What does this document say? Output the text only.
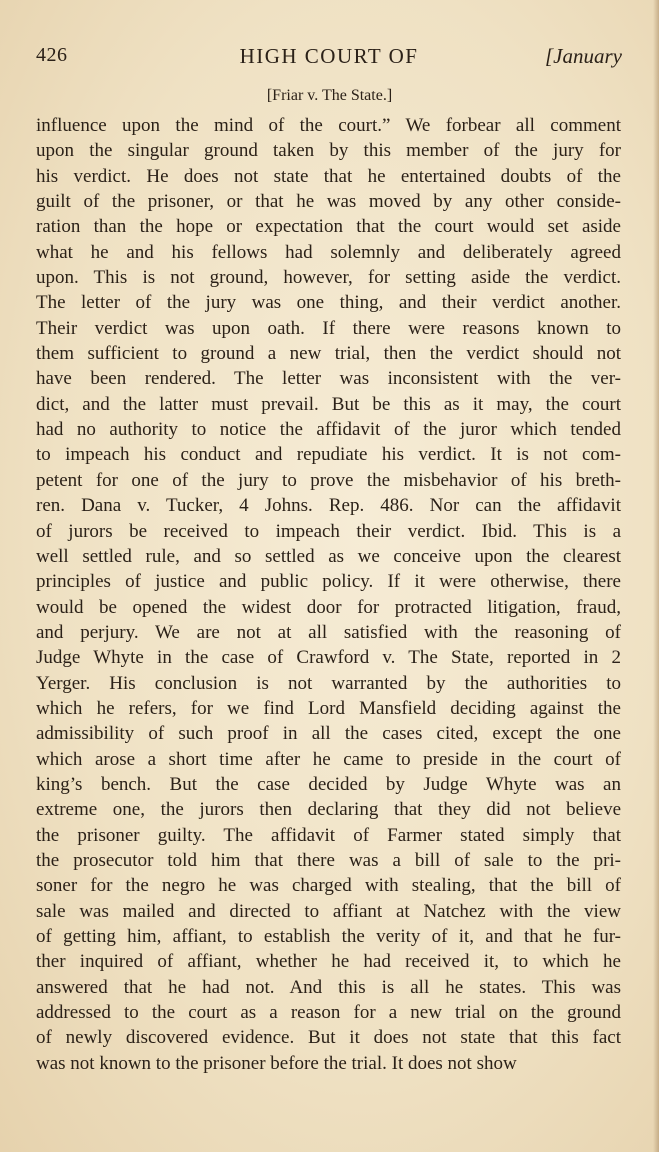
426	HIGH COURT OF	[January
[Friar v. The State.]
influence upon the mind of the court.” We forbear all comment
upon the singular ground taken by this member of the jury for
his verdict. He does not state that he entertained doubts of the
guilt of the prisoner, or that he was moved by any other conside-
ration than the hope or expectation that the court would set aside
what he and his fellows had solemnly and deliberately agreed
upon. This is not ground, however, for setting aside the verdict.
The letter of the jury was one thing, and their verdict another.
Their verdict was upon oath. If there were reasons known to
them sufficient to ground a new trial, then the verdict should not
have been rendered. The letter was inconsistent with the ver-
dict, and the latter must prevail. But be this as it may, the court
had no authority to notice the affidavit of the juror which tended
to impeach his conduct and repudiate his verdict. It is not com-
petent for one of the jury to prove the misbehavior of his breth-
ren. Dana v. Tucker, 4 Johns. Rep. 486. Nor can the affidavit
of jurors be received to impeach their verdict. Ibid. This is a
well settled rule, and so settled as we conceive upon the clearest
principles of justice and public policy. If it were otherwise, there
would be opened the widest door for protracted litigation, fraud,
and perjury. We are not at all satisfied with the reasoning of
Judge Whyte in the case of Crawford v. The State, reported in 2
Yerger. His conclusion is not warranted by the authorities to
which he refers, for we find Lord Mansfield deciding against the
admissibility of such proof in all the cases cited, except the one
which arose a short time after he came to preside in the court of
king’s bench. But the case decided by Judge Whyte was an
extreme one, the jurors then declaring that they did not believe
the prisoner guilty. The affidavit of Farmer stated simply that
the prosecutor told him that there was a bill of sale to the pri-
soner for the negro he was charged with stealing, that the bill of
sale was mailed and directed to affiant at Natchez with the view
of getting him, affiant, to establish the verity of it, and that he fur-
ther inquired of affiant, whether he had received it, to which he
answered that he had not. And this is all he states. This was
addressed to the court as a reason for a new trial on the ground
of newly discovered evidence. But it does not state that this fact
was not known to the prisoner before the trial. It does not show
